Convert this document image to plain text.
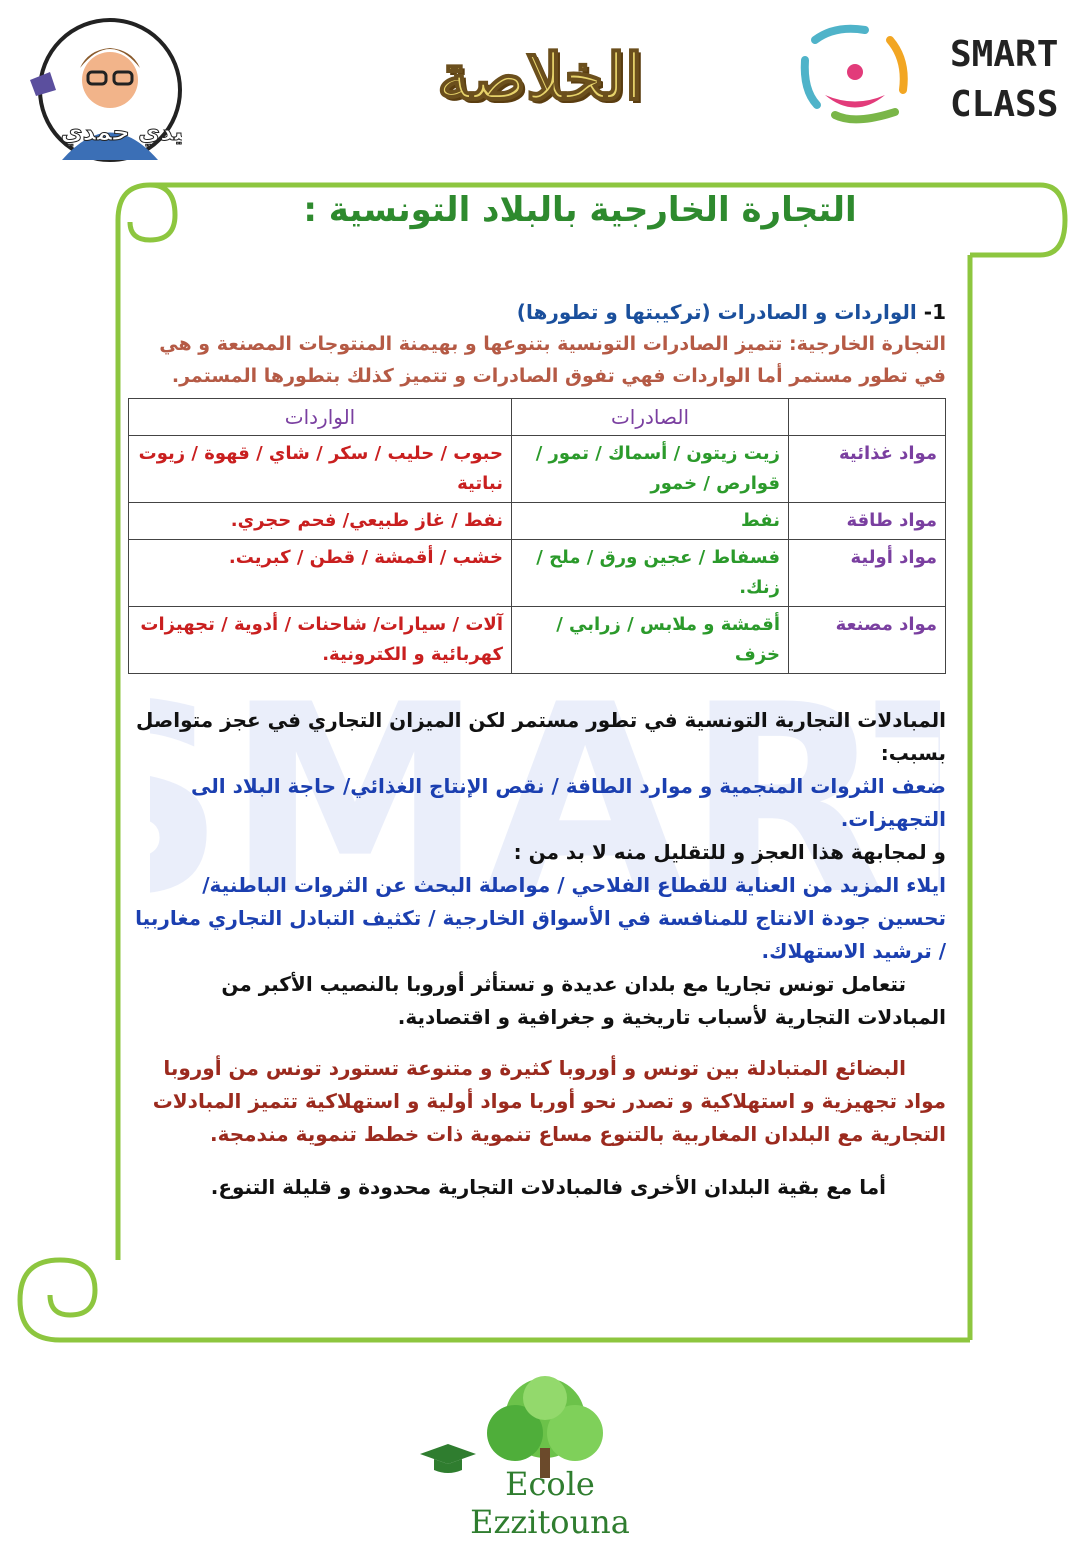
دي حمدي
الخلاصة	SMART
CLASS
MAR
التجارة الخارجية بالبلاد التونسية :

1- الواردات و الصادرات (تركيبتها و تطورها)

التجارة الخارجية: تتميز الصادرات التونسية بتنوعها و بهيمنة المنتوجات المصنعة و هي في تطور مستمر أما الواردات فهي تفوق الصادرات و تتميز كذلك بتطورها المستمر.

	الصادرات	الواردات
مواد غذائية	زيت زيتون / أسماك / تمور / قوارص / خمور	حبوب / حليب / سكر / شاي / قهوة / زيوت نباتية
مواد طاقة	نفط	نفط / غاز طبيعي/ فحم حجري.
مواد أولية	فسفاط / عجين ورق / ملح / زنك.	خشب / أقمشة / قطن / كبريت.
مواد مصنعة	أقمشة و ملابس / زرابي / خزف	آلات / سيارات/ شاحنات / أدوية / تجهيزات كهربائية و الكترونية.

المبادلات التجارية التونسية في تطور مستمر لكن الميزان التجاري في عجز متواصل بسبب:

ضعف الثروات المنجمية و موارد الطاقة / نقص الإنتاج الغذائي/ حاجة البلاد الى التجهيزات.

و لمجابهة هذا العجز و للتقليل منه لا بد من :

ايلاء المزيد من العناية للقطاع الفلاحي / مواصلة البحث عن الثروات الباطنية/ تحسين جودة الانتاج للمنافسة في الأسواق الخارجية / تكثيف التبادل التجاري مغاربيا / ترشيد الاستهلاك.

تتعامل تونس تجاريا مع بلدان عديدة و تستأثر أوروبا بالنصيب الأكبر من المبادلات التجارية لأسباب تاريخية و جغرافية و اقتصادية.

البضائع المتبادلة بين تونس و أوروبا كثيرة و متنوعة تستورد تونس من أوروبا مواد تجهيزية و استهلاكية و تصدر نحو أوربا مواد أولية و استهلاكية تتميز المبادلات التجارية مع البلدان المغاربية بالتنوع مساع تنموية ذات خطط تنموية مندمجة.

أما مع بقية البلدان الأخرى فالمبادلات التجارية محدودة و قليلة التنوع.

Ecole Ezzitouna
